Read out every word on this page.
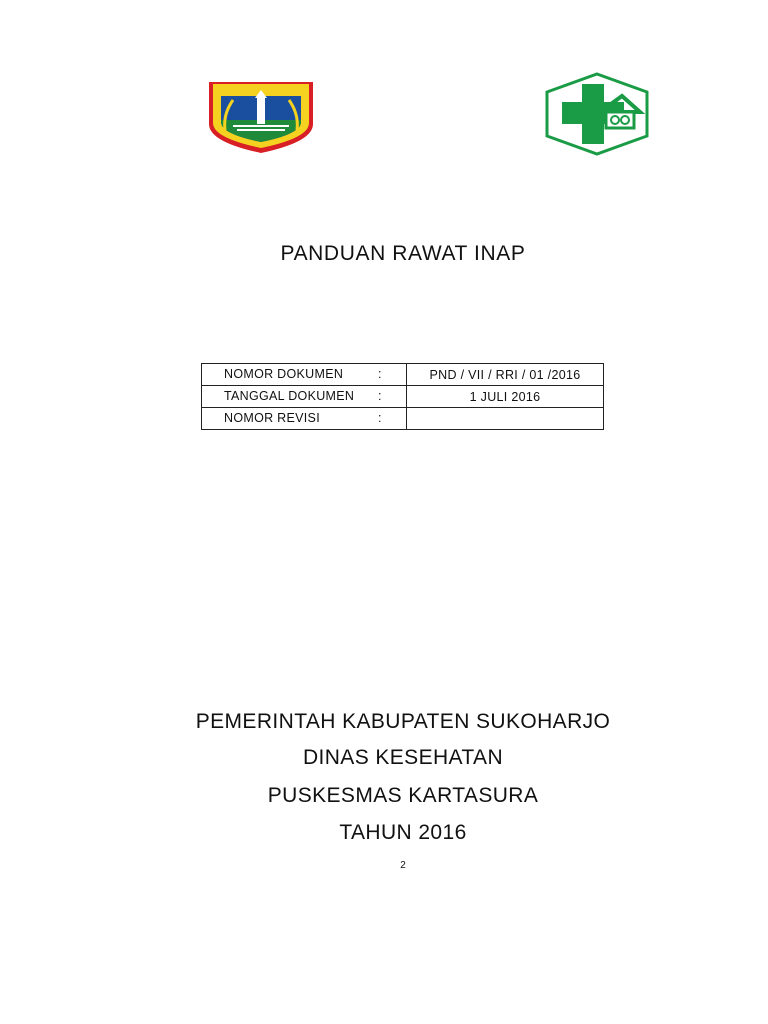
PANDUAN RAWAT INAP
NOMOR DOKUMEN :	PND / VII / RRI / 01 /2016

TANGGAL DOKUMEN :	1 JULI 2016

NOMOR REVISI :	

PEMERINTAH KABUPATEN SUKOHARJO
DINAS KESEHATAN
PUSKESMAS KARTASURA
TAHUN 2016
2
